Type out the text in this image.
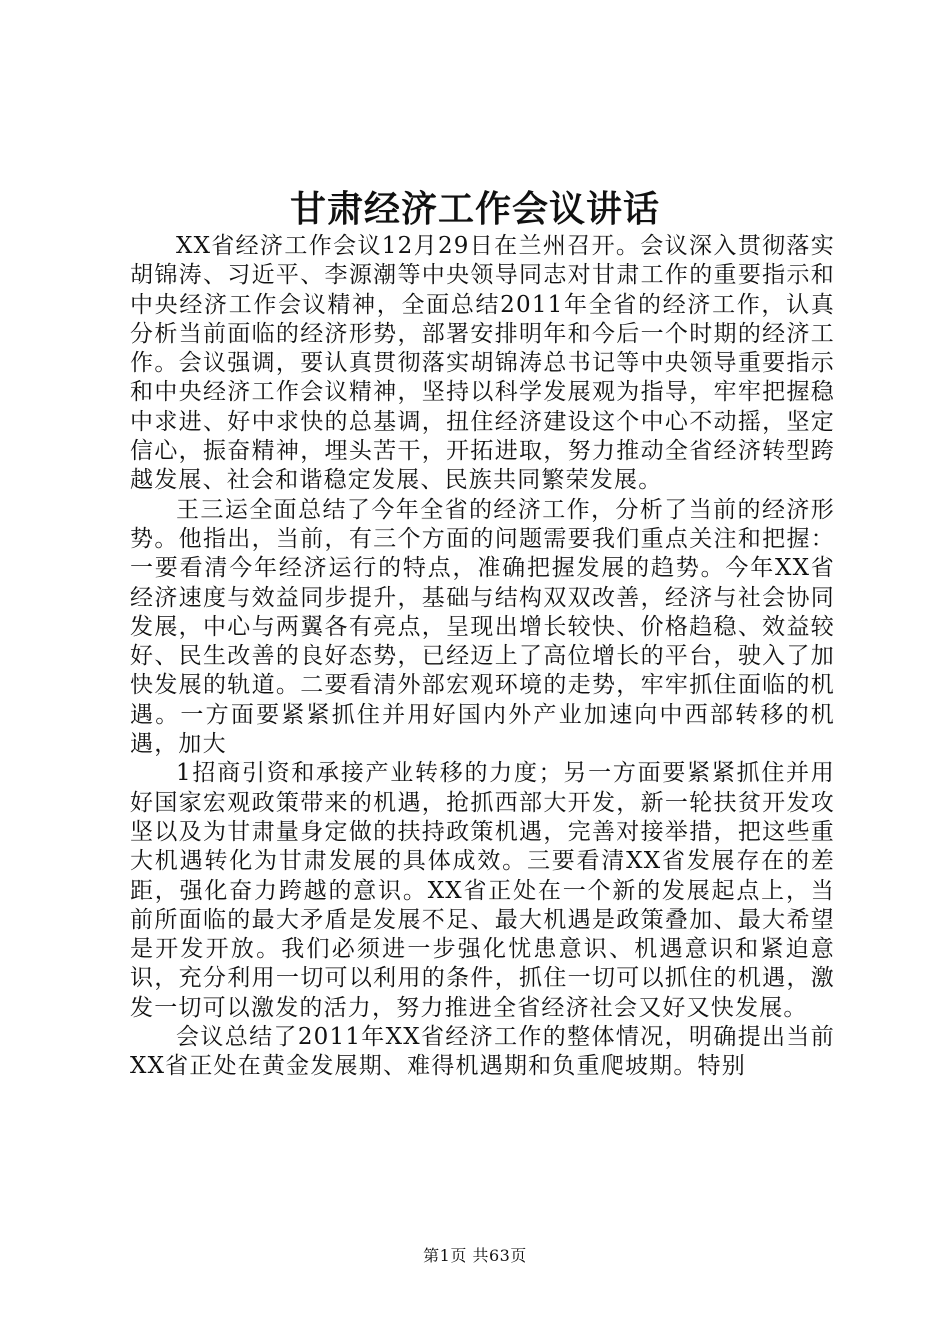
甘肃经济工作会议讲话

XX省经济工作会议12月29日在兰州召开。会议深入贯彻落实胡锦涛、习近平、李源潮等中央领导同志对甘肃工作的重要指示和中央经济工作会议精神，全面总结2011年全省的经济工作，认真分析当前面临的经济形势，部署安排明年和今后一个时期的经济工作。会议强调，要认真贯彻落实胡锦涛总书记等中央领导重要指示和中央经济工作会议精神，坚持以科学发展观为指导，牢牢把握稳中求进、好中求快的总基调，扭住经济建设这个中心不动摇，坚定信心，振奋精神，埋头苦干，开拓进取，努力推动全省经济转型跨越发展、社会和谐稳定发展、民族共同繁荣发展。

王三运全面总结了今年全省的经济工作，分析了当前的经济形势。他指出，当前，有三个方面的问题需要我们重点关注和把握：一要看清今年经济运行的特点，准确把握发展的趋势。今年XX省经济速度与效益同步提升，基础与结构双双改善，经济与社会协同发展，中心与两翼各有亮点，呈现出增长较快、价格趋稳、效益较好、民生改善的良好态势，已经迈上了高位增长的平台，驶入了加快发展的轨道。二要看清外部宏观环境的走势，牢牢抓住面临的机遇。一方面要紧紧抓住并用好国内外产业加速向中西部转移的机遇，加大

1招商引资和承接产业转移的力度；另一方面要紧紧抓住并用好国家宏观政策带来的机遇，抢抓西部大开发，新一轮扶贫开发攻坚以及为甘肃量身定做的扶持政策机遇，完善对接举措，把这些重大机遇转化为甘肃发展的具体成效。三要看清XX省发展存在的差距，强化奋力跨越的意识。XX省正处在一个新的发展起点上，当前所面临的最大矛盾是发展不足、最大机遇是政策叠加、最大希望是开发开放。我们必须进一步强化忧患意识、机遇意识和紧迫意识，充分利用一切可以利用的条件，抓住一切可以抓住的机遇，激发一切可以激发的活力，努力推进全省经济社会又好又快发展。

会议总结了2011年XX省经济工作的整体情况，明确提出当前XX省正处在黄金发展期、难得机遇期和负重爬坡期。特别

第1页 共63页
